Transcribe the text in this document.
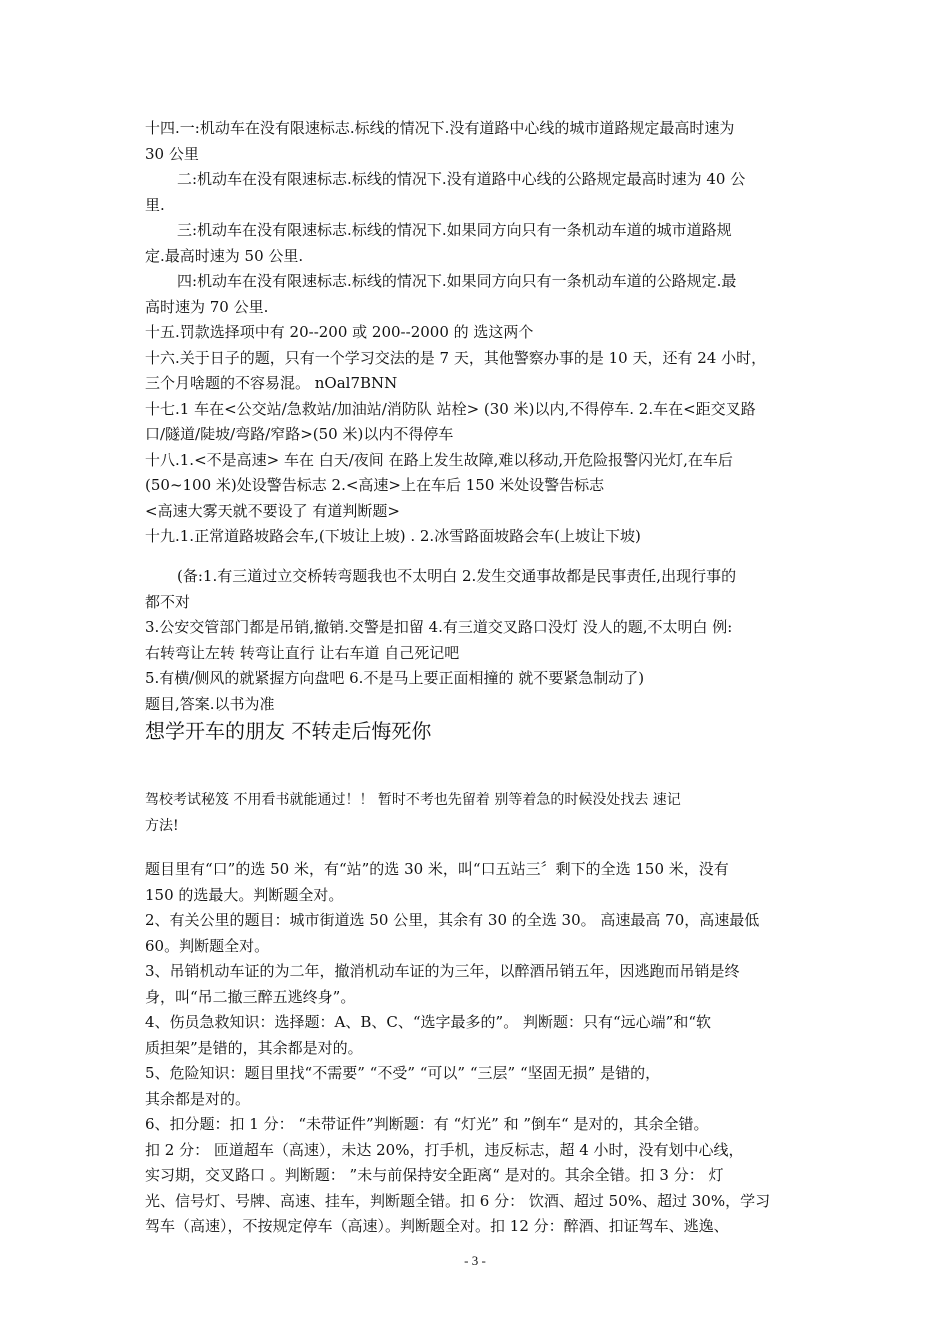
十四.一:机动车在没有限速标志.标线的情况下.没有道路中心线的城市道路规定最高时速为
30 公里
二:机动车在没有限速标志.标线的情况下.没有道路中心线的公路规定最高时速为 40 公
里.
三:机动车在没有限速标志.标线的情况下.如果同方向只有一条机动车道的城市道路规
定.最高时速为 50 公里.
四:机动车在没有限速标志.标线的情况下.如果同方向只有一条机动车道的公路规定.最
高时速为 70 公里.
十五.罚款选择项中有 20--200 或 200--2000 的 选这两个
十六.关于日子的题，只有一个学习交法的是 7 天，其他警察办事的是 10 天，还有 24 小时，
三个月啥题的不容易混。 nOal7BNN
十七.1 车在<公交站/急救站/加油站/消防队 站栓> (30 米)以内,不得停车. 2.车在<距交叉路
口/隧道/陡坡/弯路/窄路>(50 米)以内不得停车
十八.1.<不是高速> 车在 白天/夜间 在路上发生故障,难以移动,开危险报警闪光灯,在车后
(50~100 米)处设警告标志 2.<高速>上在车后 150 米处设警告标志
<高速大雾天就不要设了 有道判断题>
十九.1.正常道路坡路会车,(下坡让上坡) . 2.冰雪路面坡路会车(上坡让下坡)
(备:1.有三道过立交桥转弯题我也不太明白 2.发生交通事故都是民事责任,出现行事的
都不对
3.公安交管部门都是吊销,撤销.交警是扣留 4.有三道交叉路口没灯 没人的题,不太明白 例:
右转弯让左转 转弯让直行 让右车道 自己死记吧
5.有横/侧风的就紧握方向盘吧 6.不是马上要正面相撞的 就不要紧急制动了)
题目,答案.以书为准
想学开车的朋友 不转走后悔死你
驾校考试秘笈 不用看书就能通过！！ 暂时不考也先留着 别等着急的时候没处找去 速记
方法!
题目里有“口”的选 50 米，有“站”的选 30 米，叫“口五站三〞剩下的全选 150 米，没有
150 的选最大。判断题全对。
2、有关公里的题目：城市街道选 50 公里，其余有 30 的全选 30。 高速最高 70，高速最低
60。判断题全对。
3、吊销机动车证的为二年，撤消机动车证的为三年，以醉酒吊销五年，因逃跑而吊销是终
身，叫“吊二撤三醉五逃终身”。
4、伤员急救知识：选择题：A、B、C、“选字最多的”。 判断题：只有“远心端”和“软
质担架”是错的，其余都是对的。
5、危险知识：题目里找“不需要” “不受” “可以” “三层” “坚固无损” 是错的，
其余都是对的。
6、扣分题：扣 1 分： “未带证件”判断题：有 “灯光” 和 ”倒车“ 是对的，其余全错。
扣 2 分： 匝道超车（高速），未达 20%，打手机，违反标志，超 4 小时，没有划中心线，
实习期，交叉路口 。判断题： ”未与前保持安全距离“ 是对的。其余全错。扣 3 分： 灯
光、信号灯、号牌、高速、挂车，判断题全错。扣 6 分： 饮酒、超过 50%、超过 30%，学习
驾车（高速），不按规定停车（高速）。判断题全对。扣 12 分：醉酒、扣证驾车、逃逸、
- 3 -
